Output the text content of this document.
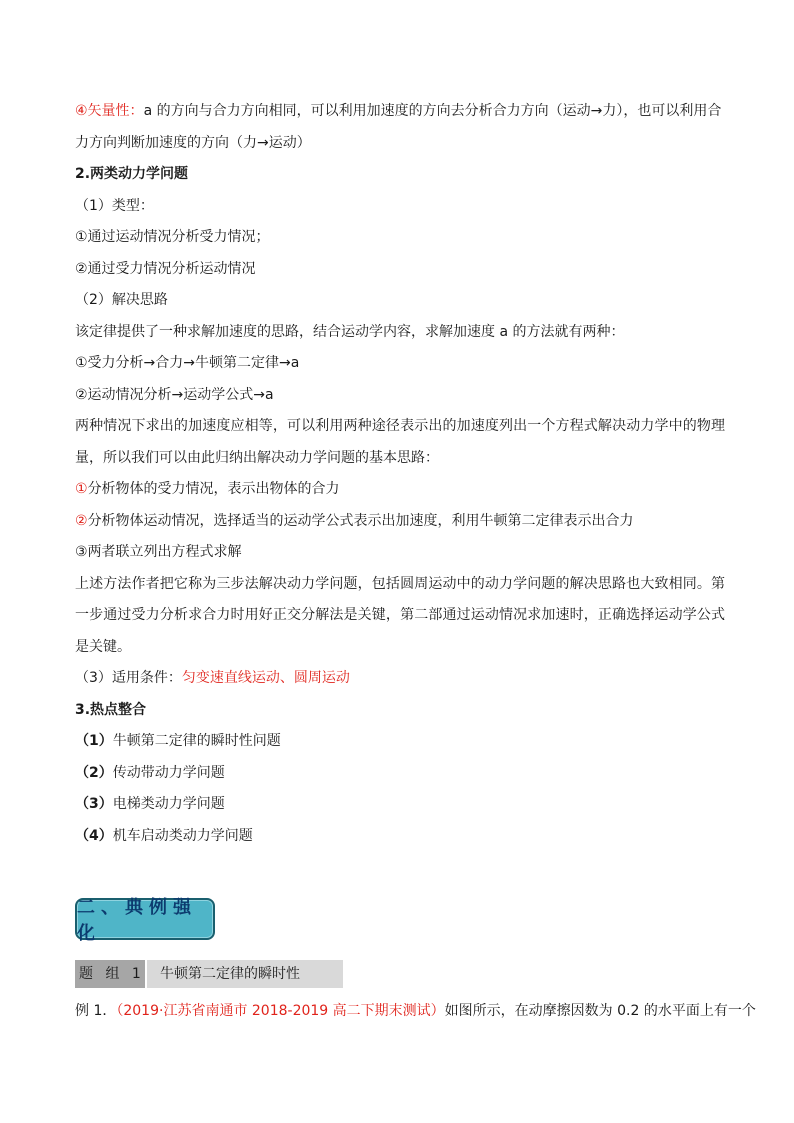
④矢量性：a 的方向与合力方向相同，可以利用加速度的方向去分析合力方向（运动→力），也可以利用合
力方向判断加速度的方向（力→运动）
2.两类动力学问题
（1）类型：
①通过运动情况分析受力情况；
②通过受力情况分析运动情况
（2）解决思路
该定律提供了一种求解加速度的思路，结合运动学内容，求解加速度 a 的方法就有两种：
①受力分析→合力→牛顿第二定律→a
②运动情况分析→运动学公式→a
两种情况下求出的加速度应相等，可以利用两种途径表示出的加速度列出一个方程式解决动力学中的物理量，所以我们可以由此归纳出解决动力学问题的基本思路：
①分析物体的受力情况，表示出物体的合力
②分析物体运动情况，选择适当的运动学公式表示出加速度，利用牛顿第二定律表示出合力
③两者联立列出方程式求解
上述方法作者把它称为三步法解决动力学问题，包括圆周运动中的动力学问题的解决思路也大致相同。第一步通过受力分析求合力时用好正交分解法是关键，第二部通过运动情况求加速时，正确选择运动学公式是关键。
（3）适用条件：匀变速直线运动、圆周运动
3.热点整合
（1）牛顿第二定律的瞬时性问题
（2）传动带动力学问题
（3）电梯类动力学问题
（4）机车启动类动力学问题
二、典例强化
题 组 1	牛顿第二定律的瞬时性
例 1．（2019·江苏省南通市 2018-2019 高二下期末测试）如图所示，在动摩擦因数为 0.2 的水平面上有一个
